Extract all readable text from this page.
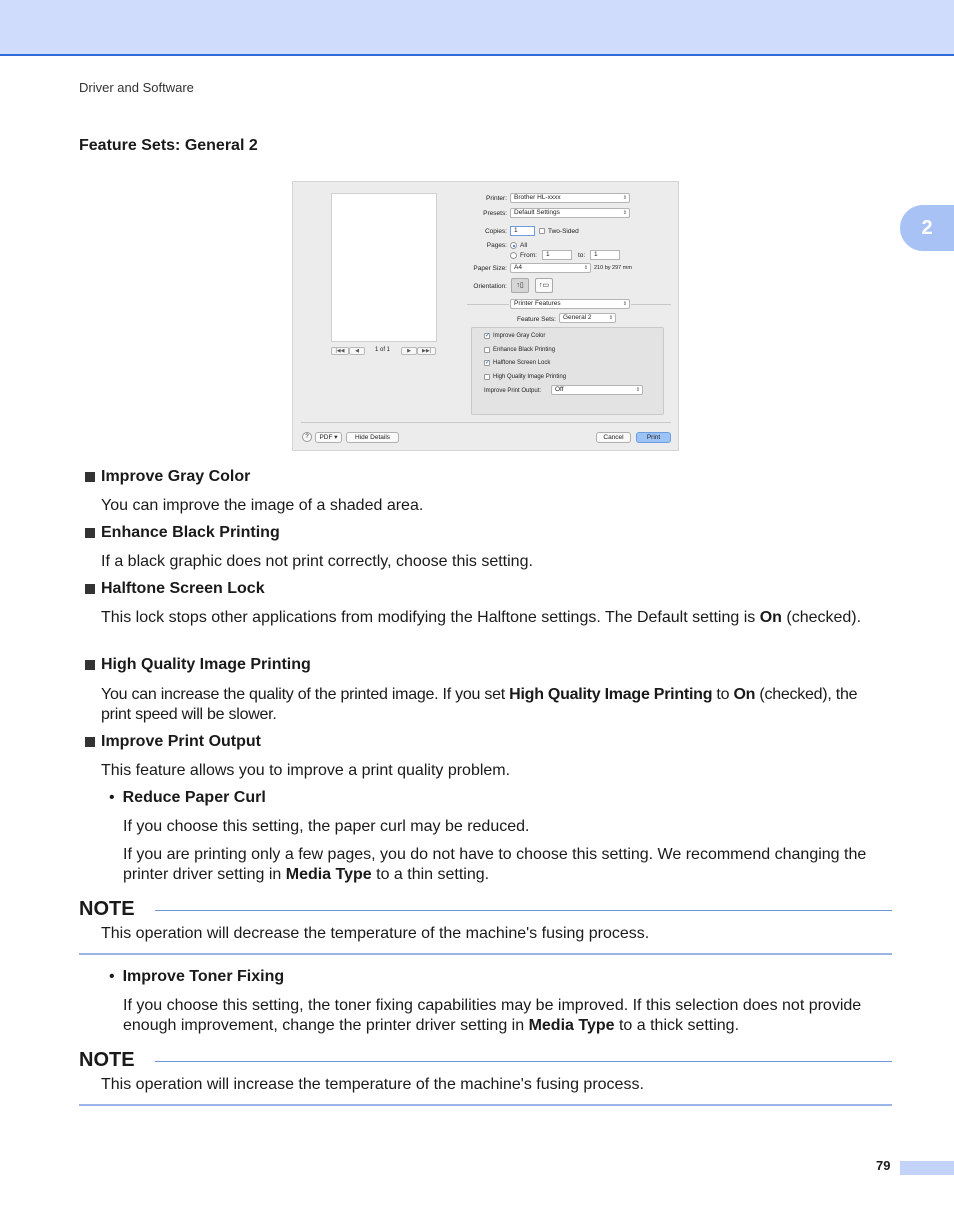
Driver and Software
2
Feature Sets: General 2
|◀◀	◀	1 of 1	▶	▶▶|
Printer:	Brother HL-xxxx	⇕
Presets:	Default Settings	⇕
Copies:	1	Two-Sided
Pages: All
From:	1	to:	1
Paper Size:	A4	⇕ 210 by 297 mm
Orientation:	↑▯	↑▭
Printer Features	⇕
Feature Sets:	General 2	⇕
✓ Improve Gray Color
Enhance Black Printing
✓ Halftone Screen Lock
High Quality Image Printing
Improve Print Output:	Off	⇕
?	PDF ▾	Hide Details	Cancel	Print
Improve Gray Color
You can improve the image of a shaded area.
Enhance Black Printing
If a black graphic does not print correctly, choose this setting.
Halftone Screen Lock
This lock stops other applications from modifying the Halftone settings. The Default setting is On (checked).
High Quality Image Printing
You can increase the quality of the printed image. If you set High Quality Image Printing to On (checked), the print speed will be slower.
Improve Print Output
This feature allows you to improve a print quality problem.
• Reduce Paper Curl
If you choose this setting, the paper curl may be reduced.
If you are printing only a few pages, you do not have to choose this setting. We recommend changing the printer driver setting in Media Type to a thin setting.
NOTE
This operation will decrease the temperature of the machine's fusing process.
• Improve Toner Fixing
If you choose this setting, the toner fixing capabilities may be improved. If this selection does not provide enough improvement, change the printer driver setting in Media Type to a thick setting.
NOTE
This operation will increase the temperature of the machine's fusing process.
79
